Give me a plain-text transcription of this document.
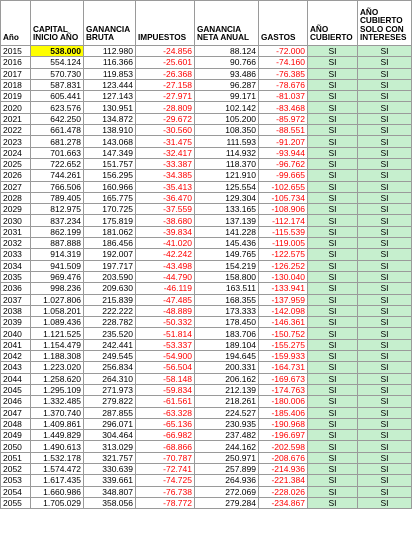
Año	CAPITAL INICIO AÑO	GANANCIA BRUTA	IMPUESTOS	GANANCIA NETA ANUAL	GASTOS	AÑO CUBIERTO	AÑO CUBIERTO SOLO CON INTERESES
2015	538.000	112.980	-24.856	88.124	-72.000	SI	SI
2016	554.124	116.366	-25.601	90.766	-74.160	SI	SI
2017	570.730	119.853	-26.368	93.486	-76.385	SI	SI
2018	587.831	123.444	-27.158	96.287	-78.676	SI	SI
2019	605.441	127.143	-27.971	99.171	-81.037	SI	SI
2020	623.576	130.951	-28.809	102.142	-83.468	SI	SI
2021	642.250	134.872	-29.672	105.200	-85.972	SI	SI
2022	661.478	138.910	-30.560	108.350	-88.551	SI	SI
2023	681.278	143.068	-31.475	111.593	-91.207	SI	SI
2024	701.663	147.349	-32.417	114.932	-93.944	SI	SI
2025	722.652	151.757	-33.387	118.370	-96.762	SI	SI
2026	744.261	156.295	-34.385	121.910	-99.665	SI	SI
2027	766.506	160.966	-35.413	125.554	-102.655	SI	SI
2028	789.405	165.775	-36.470	129.304	-105.734	SI	SI
2029	812.975	170.725	-37.559	133.165	-108.906	SI	SI
2030	837.234	175.819	-38.680	137.139	-112.174	SI	SI
2031	862.199	181.062	-39.834	141.228	-115.539	SI	SI
2032	887.888	186.456	-41.020	145.436	-119.005	SI	SI
2033	914.319	192.007	-42.242	149.765	-122.575	SI	SI
2034	941.509	197.717	-43.498	154.219	-126.252	SI	SI
2035	969.476	203.590	-44.790	158.800	-130.040	SI	SI
2036	998.236	209.630	-46.119	163.511	-133.941	SI	SI
2037	1.027.806	215.839	-47.485	168.355	-137.959	SI	SI
2038	1.058.201	222.222	-48.889	173.333	-142.098	SI	SI
2039	1.089.436	228.782	-50.332	178.450	-146.361	SI	SI
2040	1.121.525	235.520	-51.814	183.706	-150.752	SI	SI
2041	1.154.479	242.441	-53.337	189.104	-155.275	SI	SI
2042	1.188.308	249.545	-54.900	194.645	-159.933	SI	SI
2043	1.223.020	256.834	-56.504	200.331	-164.731	SI	SI
2044	1.258.620	264.310	-58.148	206.162	-169.673	SI	SI
2045	1.295.109	271.973	-59.834	212.139	-174.763	SI	SI
2046	1.332.485	279.822	-61.561	218.261	-180.006	SI	SI
2047	1.370.740	287.855	-63.328	224.527	-185.406	SI	SI
2048	1.409.861	296.071	-65.136	230.935	-190.968	SI	SI
2049	1.449.829	304.464	-66.982	237.482	-196.697	SI	SI
2050	1.490.613	313.029	-68.866	244.162	-202.598	SI	SI
2051	1.532.178	321.757	-70.787	250.971	-208.676	SI	SI
2052	1.574.472	330.639	-72.741	257.899	-214.936	SI	SI
2053	1.617.435	339.661	-74.725	264.936	-221.384	SI	SI
2054	1.660.986	348.807	-76.738	272.069	-228.026	SI	SI
2055	1.705.029	358.056	-78.772	279.284	-234.867	SI	SI
